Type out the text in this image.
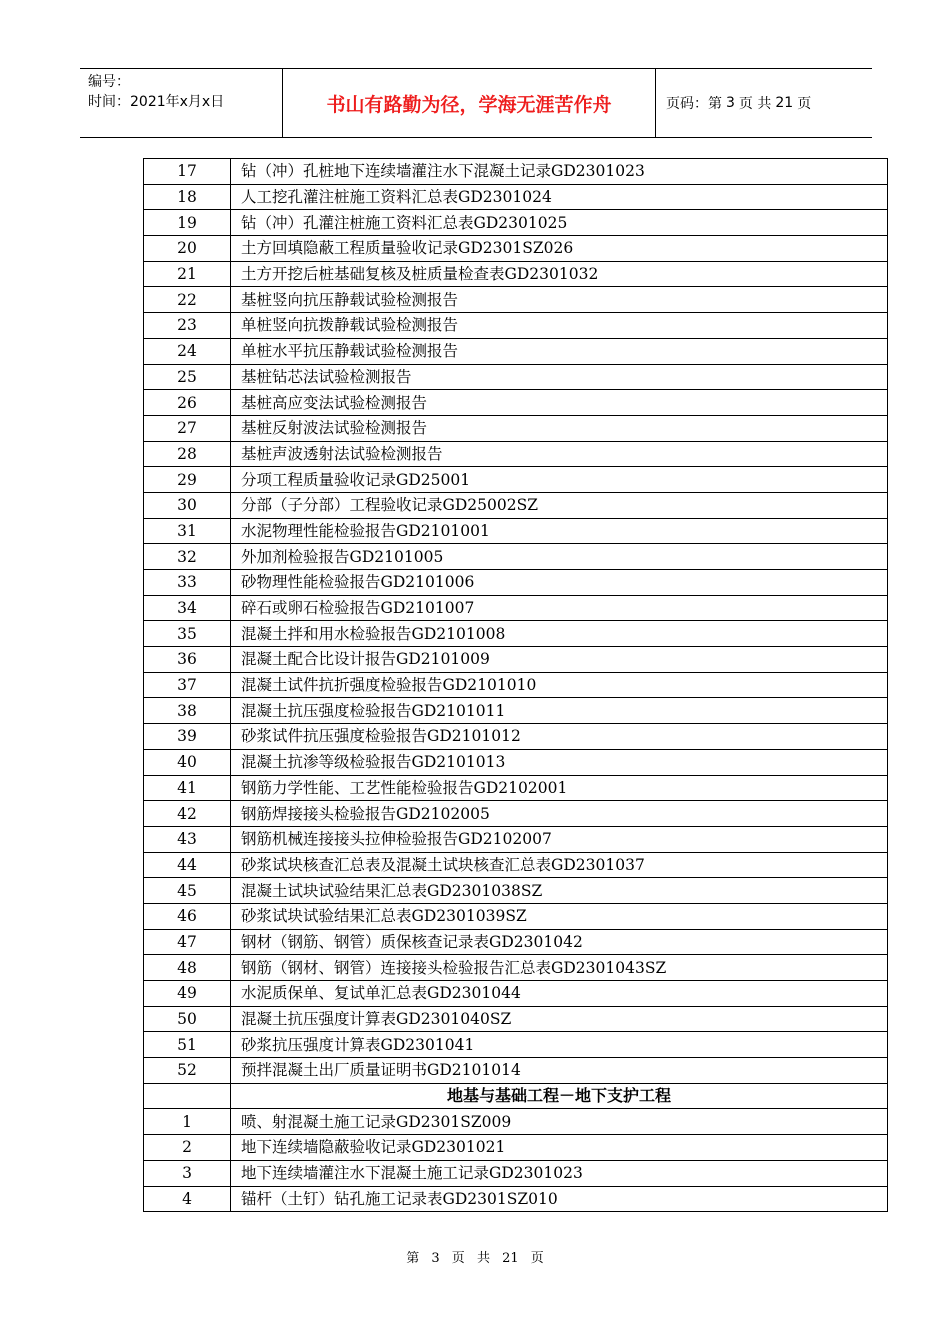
编号：
时间：2021年x月x日	书山有路勤为径，学海无涯苦作舟	页码：第 3 页 共 21 页
17	钻（冲）孔桩地下连续墙灌注水下混凝土记录GD2301023
18	人工挖孔灌注桩施工资料汇总表GD2301024
19	钻（冲）孔灌注桩施工资料汇总表GD2301025
20	土方回填隐蔽工程质量验收记录GD2301SZ026
21	土方开挖后桩基础复核及桩质量检查表GD2301032
22	基桩竖向抗压静载试验检测报告
23	单桩竖向抗拨静载试验检测报告
24	单桩水平抗压静载试验检测报告
25	基桩钻芯法试验检测报告
26	基桩高应变法试验检测报告
27	基桩反射波法试验检测报告
28	基桩声波透射法试验检测报告
29	分项工程质量验收记录GD25001
30	分部（子分部）工程验收记录GD25002SZ
31	水泥物理性能检验报告GD2101001
32	外加剂检验报告GD2101005
33	砂物理性能检验报告GD2101006
34	碎石或卵石检验报告GD2101007
35	混凝土拌和用水检验报告GD2101008
36	混凝土配合比设计报告GD2101009
37	混凝土试件抗折强度检验报告GD2101010
38	混凝土抗压强度检验报告GD2101011
39	砂浆试件抗压强度检验报告GD2101012
40	混凝土抗渗等级检验报告GD2101013
41	钢筋力学性能、工艺性能检验报告GD2102001
42	钢筋焊接接头检验报告GD2102005
43	钢筋机械连接接头拉伸检验报告GD2102007
44	砂浆试块核查汇总表及混凝土试块核查汇总表GD2301037
45	混凝土试块试验结果汇总表GD2301038SZ
46	砂浆试块试验结果汇总表GD2301039SZ
47	钢材（钢筋、钢管）质保核查记录表GD2301042
48	钢筋（钢材、钢管）连接接头检验报告汇总表GD2301043SZ
49	水泥质保单、复试单汇总表GD2301044
50	混凝土抗压强度计算表GD2301040SZ
51	砂浆抗压强度计算表GD2301041
52	预拌混凝土出厂质量证明书GD2101014
	地基与基础工程－地下支护工程
1	喷、射混凝土施工记录GD2301SZ009
2	地下连续墙隐蔽验收记录GD2301021
3	地下连续墙灌注水下混凝土施工记录GD2301023
4	锚杆（土钉）钻孔施工记录表GD2301SZ010
第 3 页 共 21 页
